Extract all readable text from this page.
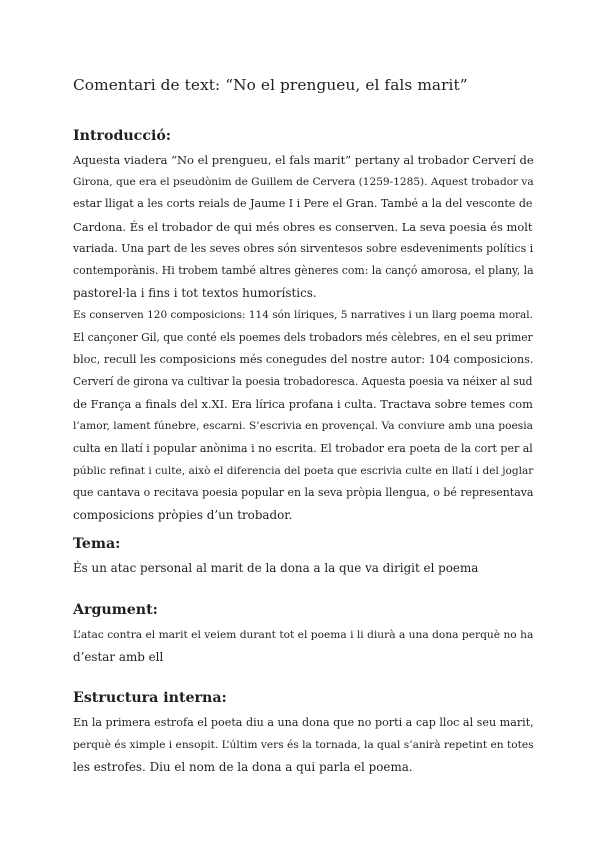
Comentari de text: “No el prengueu, el fals marit”
Introducció:
Aquesta viadera “No el prengueu, el fals marit” pertany al trobador Cerverí de
Girona, que era el pseudònim de Guillem de Cervera (1259-1285). Aquest trobador va
estar lligat a les corts reials de Jaume I i Pere el Gran. També a la del vesconte de
Cardona. És el trobador de qui més obres es conserven. La seva poesia és molt
variada. Una part de les seves obres són sirventesos sobre esdeveniments polítics i
contemporànis. Hi trobem també altres gèneres com: la cançó amorosa, el plany, la
pastorel·la i fins i tot textos humorístics.
Es conserven 120 composicions: 114 són líriques, 5 narratives i un llarg poema moral.
El cançoner Gil, que conté els poemes dels trobadors més cèlebres, en el seu primer
bloc, recull les composicions més conegudes del nostre autor: 104 composicions.
Cerverí de girona va cultivar la poesia trobadoresca. Aquesta poesia va néixer al sud
de França a finals del x.XI. Era lírica profana i culta. Tractava sobre temes com
l’amor, lament fúnebre, escarni. S’escrivia en provençal. Va conviure amb una poesia
culta en llatí i popular anònima i no escrita. El trobador era poeta de la cort per al
públic refinat i culte, això el diferencia del poeta que escrivia culte en llatí i del joglar
que cantava o recitava poesia popular en la seva pròpia llengua, o bé representava
composicions pròpies d’un trobador.
Tema:
És un atac personal al marit de la dona a la que va dirigit el poema
Argument:
L’atac contra el marit el veiem durant tot el poema i li diurà a una dona perquè no ha
d’estar amb ell
Estructura interna:
En la primera estrofa el poeta diu a una dona que no porti a cap lloc al seu marit,
perquè és ximple i ensopit. L’últim vers és la tornada, la qual s’anirà repetint en totes
les estrofes. Diu el nom de la dona a qui parla el poema.
